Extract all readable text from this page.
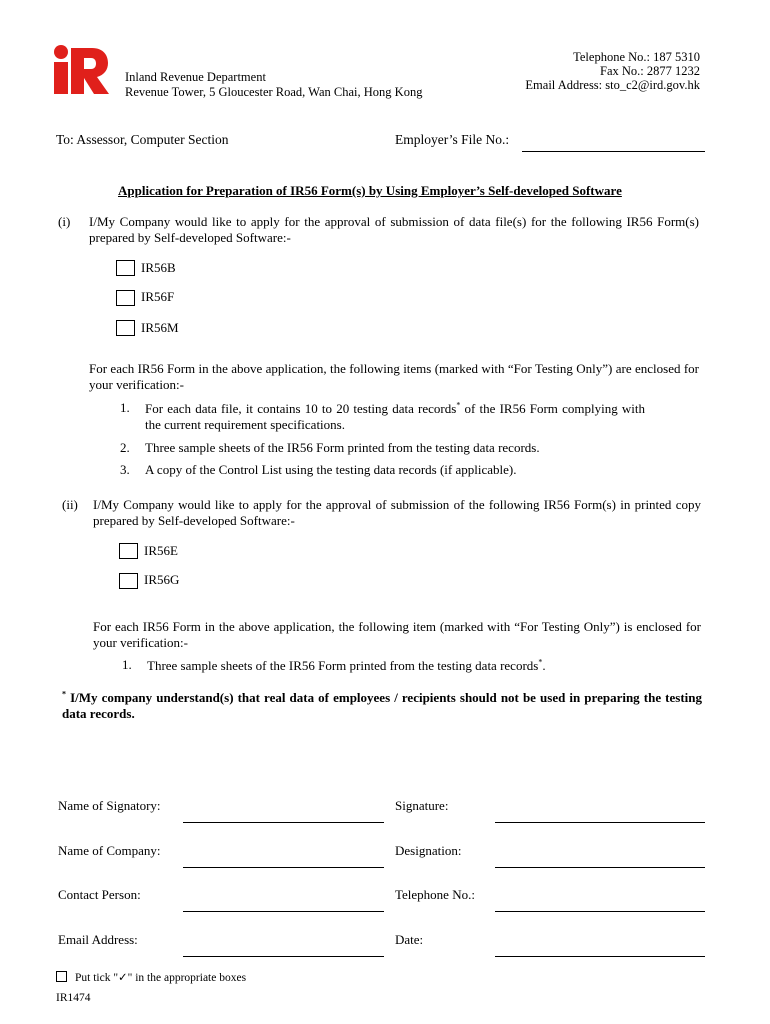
Inland Revenue Department
Revenue Tower, 5 Gloucester Road, Wan Chai, Hong Kong
Telephone No.: 187 5310
Fax No.: 2877 1232
Email Address: sto_c2@ird.gov.hk
To: Assessor, Computer Section	Employer’s File No.:
Application for Preparation of IR56 Form(s) by Using Employer’s Self-developed Software
(i) I/My Company would like to apply for the approval of submission of data file(s) for the following IR56 Form(s) prepared by Self-developed Software:-
IR56B
IR56F
IR56M
For each IR56 Form in the above application, the following items (marked with “For Testing Only”) are enclosed for your verification:-
1. For each data file, it contains 10 to 20 testing data records* of the IR56 Form complying with the current requirement specifications.
2. Three sample sheets of the IR56 Form printed from the testing data records.
3. A copy of the Control List using the testing data records (if applicable).
(ii) I/My Company would like to apply for the approval of submission of the following IR56 Form(s) in printed copy prepared by Self-developed Software:-
IR56E
IR56G
For each IR56 Form in the above application, the following item (marked with “For Testing Only”) is enclosed for your verification:-
1. Three sample sheets of the IR56 Form printed from the testing data records*.
* I/My company understand(s) that real data of employees / recipients should not be used in preparing the testing data records.
Name of Signatory:	Signature:
Name of Company:	Designation:
Contact Person:	Telephone No.:
Email Address:	Date:
Put tick "✓" in the appropriate boxes
IR1474
